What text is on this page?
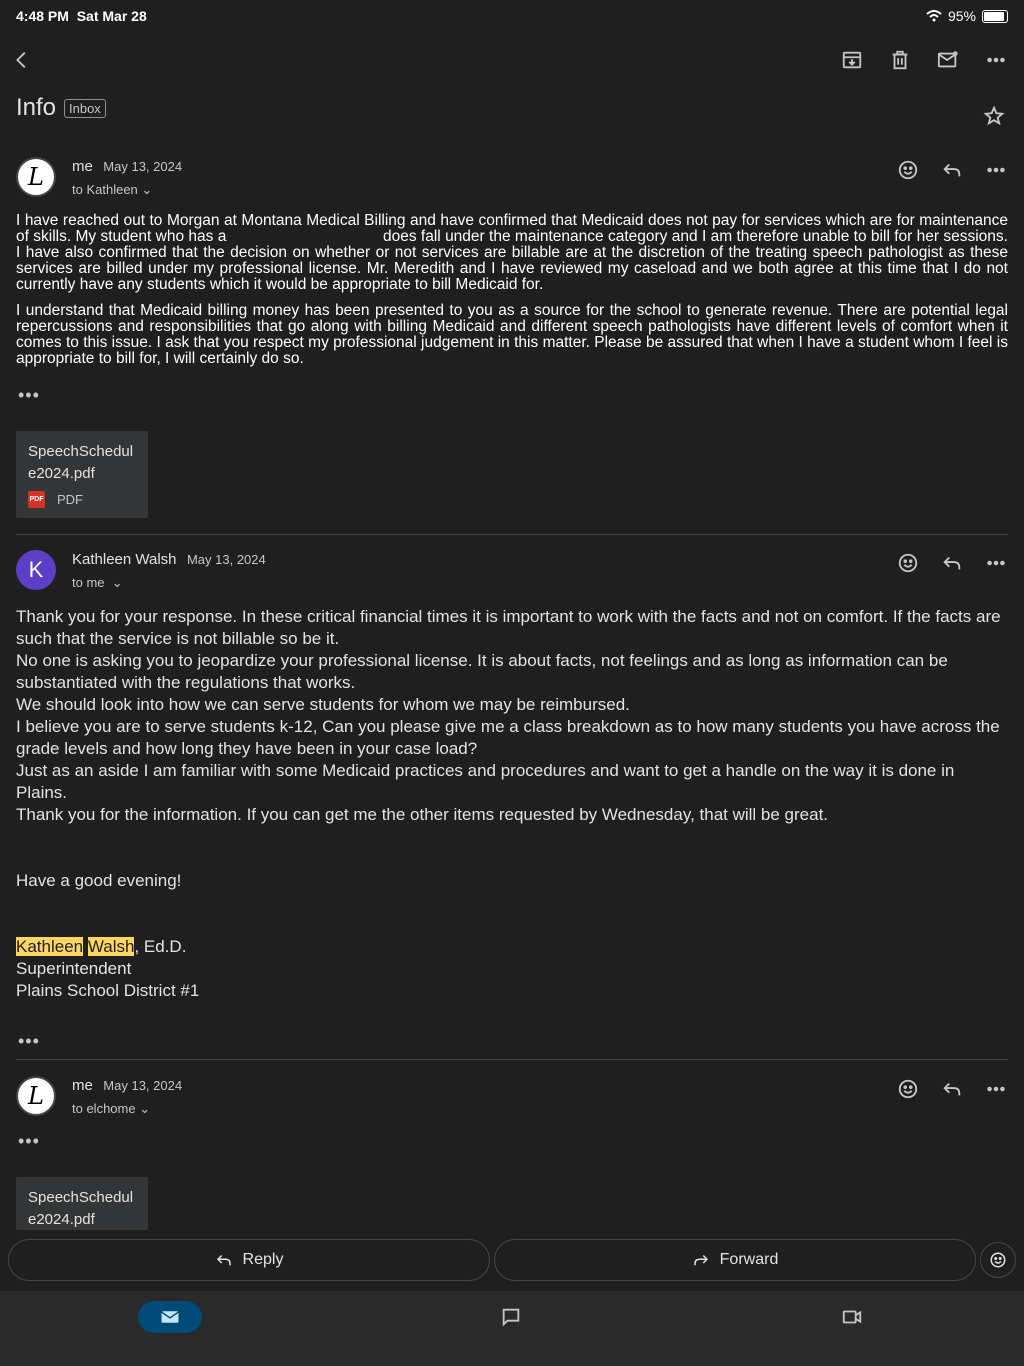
4:48 PM Sat Mar 28	95%
Info Inbox
L	me May 13, 2024
to Kathleen ⌄

I have reached out to Morgan at Montana Medical Billing and have confirmed that Medicaid does not pay for services which are for maintenance of skills. My student who has a	does fall under the maintenance category and I am therefore unable to bill for her sessions. I have also confirmed that the decision on whether or not services are billable are at the discretion of the treating speech pathologist as these services are billed under my professional license. Mr. Meredith and I have reviewed my caseload and we both agree at this time that I do not currently have any students which it would be appropriate to bill Medicaid for.

I understand that Medicaid billing money has been presented to you as a source for the school to generate revenue. There are potential legal repercussions and responsibilities that go along with billing Medicaid and different speech pathologists have different levels of comfort when it comes to this issue. I ask that you respect my professional judgement in this matter. Please be assured that when I have a student whom I feel is appropriate to bill for, I will certainly do so.

•••
SpeechSchedul
e2024.pdf
PDF PDF
K	Kathleen Walsh May 13, 2024
to me ⌄

Thank you for your response. In these critical financial times it is important to work with the facts and not on comfort. If the facts are such that the service is not billable so be it.

No one is asking you to jeopardize your professional license. It is about facts, not feelings and as long as information can be substantiated with the regulations that works.

We should look into how we can serve students for whom we may be reimbursed.

I believe you are to serve students k-12, Can you please give me a class breakdown as to how many students you have across the grade levels and how long they have been in your case load?

Just as an aside I am familiar with some Medicaid practices and procedures and want to get a handle on the way it is done in Plains.

Thank you for the information. If you can get me the other items requested by Wednesday, that will be great.

Have a good evening!

Kathleen Walsh, Ed.D.

Superintendent

Plains School District #1

•••
L	me May 13, 2024
to elchome ⌄
•••
SpeechSchedul
e2024.pdf
Reply	Forward
